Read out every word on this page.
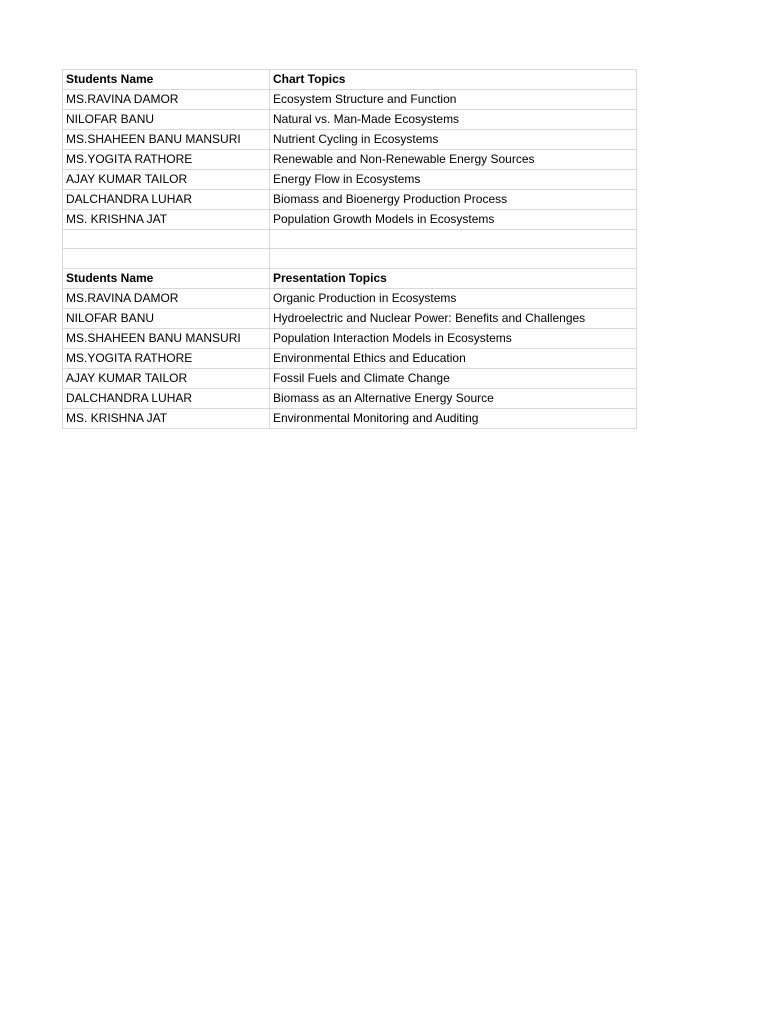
Students Name	Chart Topics
MS.RAVINA DAMOR	Ecosystem Structure and Function
NILOFAR BANU	Natural vs. Man-Made Ecosystems
MS.SHAHEEN BANU MANSURI	Nutrient Cycling in Ecosystems
MS.YOGITA RATHORE	Renewable and Non-Renewable Energy Sources
AJAY KUMAR TAILOR	Energy Flow in Ecosystems
DALCHANDRA LUHAR	Biomass and Bioenergy Production Process
MS. KRISHNA JAT	Population Growth Models in Ecosystems

Students Name	Presentation Topics
MS.RAVINA DAMOR	Organic Production in Ecosystems
NILOFAR BANU	Hydroelectric and Nuclear Power: Benefits and Challenges
MS.SHAHEEN BANU MANSURI	Population Interaction Models in Ecosystems
MS.YOGITA RATHORE	Environmental Ethics and Education
AJAY KUMAR TAILOR	Fossil Fuels and Climate Change
DALCHANDRA LUHAR	Biomass as an Alternative Energy Source
MS. KRISHNA JAT	Environmental Monitoring and Auditing
